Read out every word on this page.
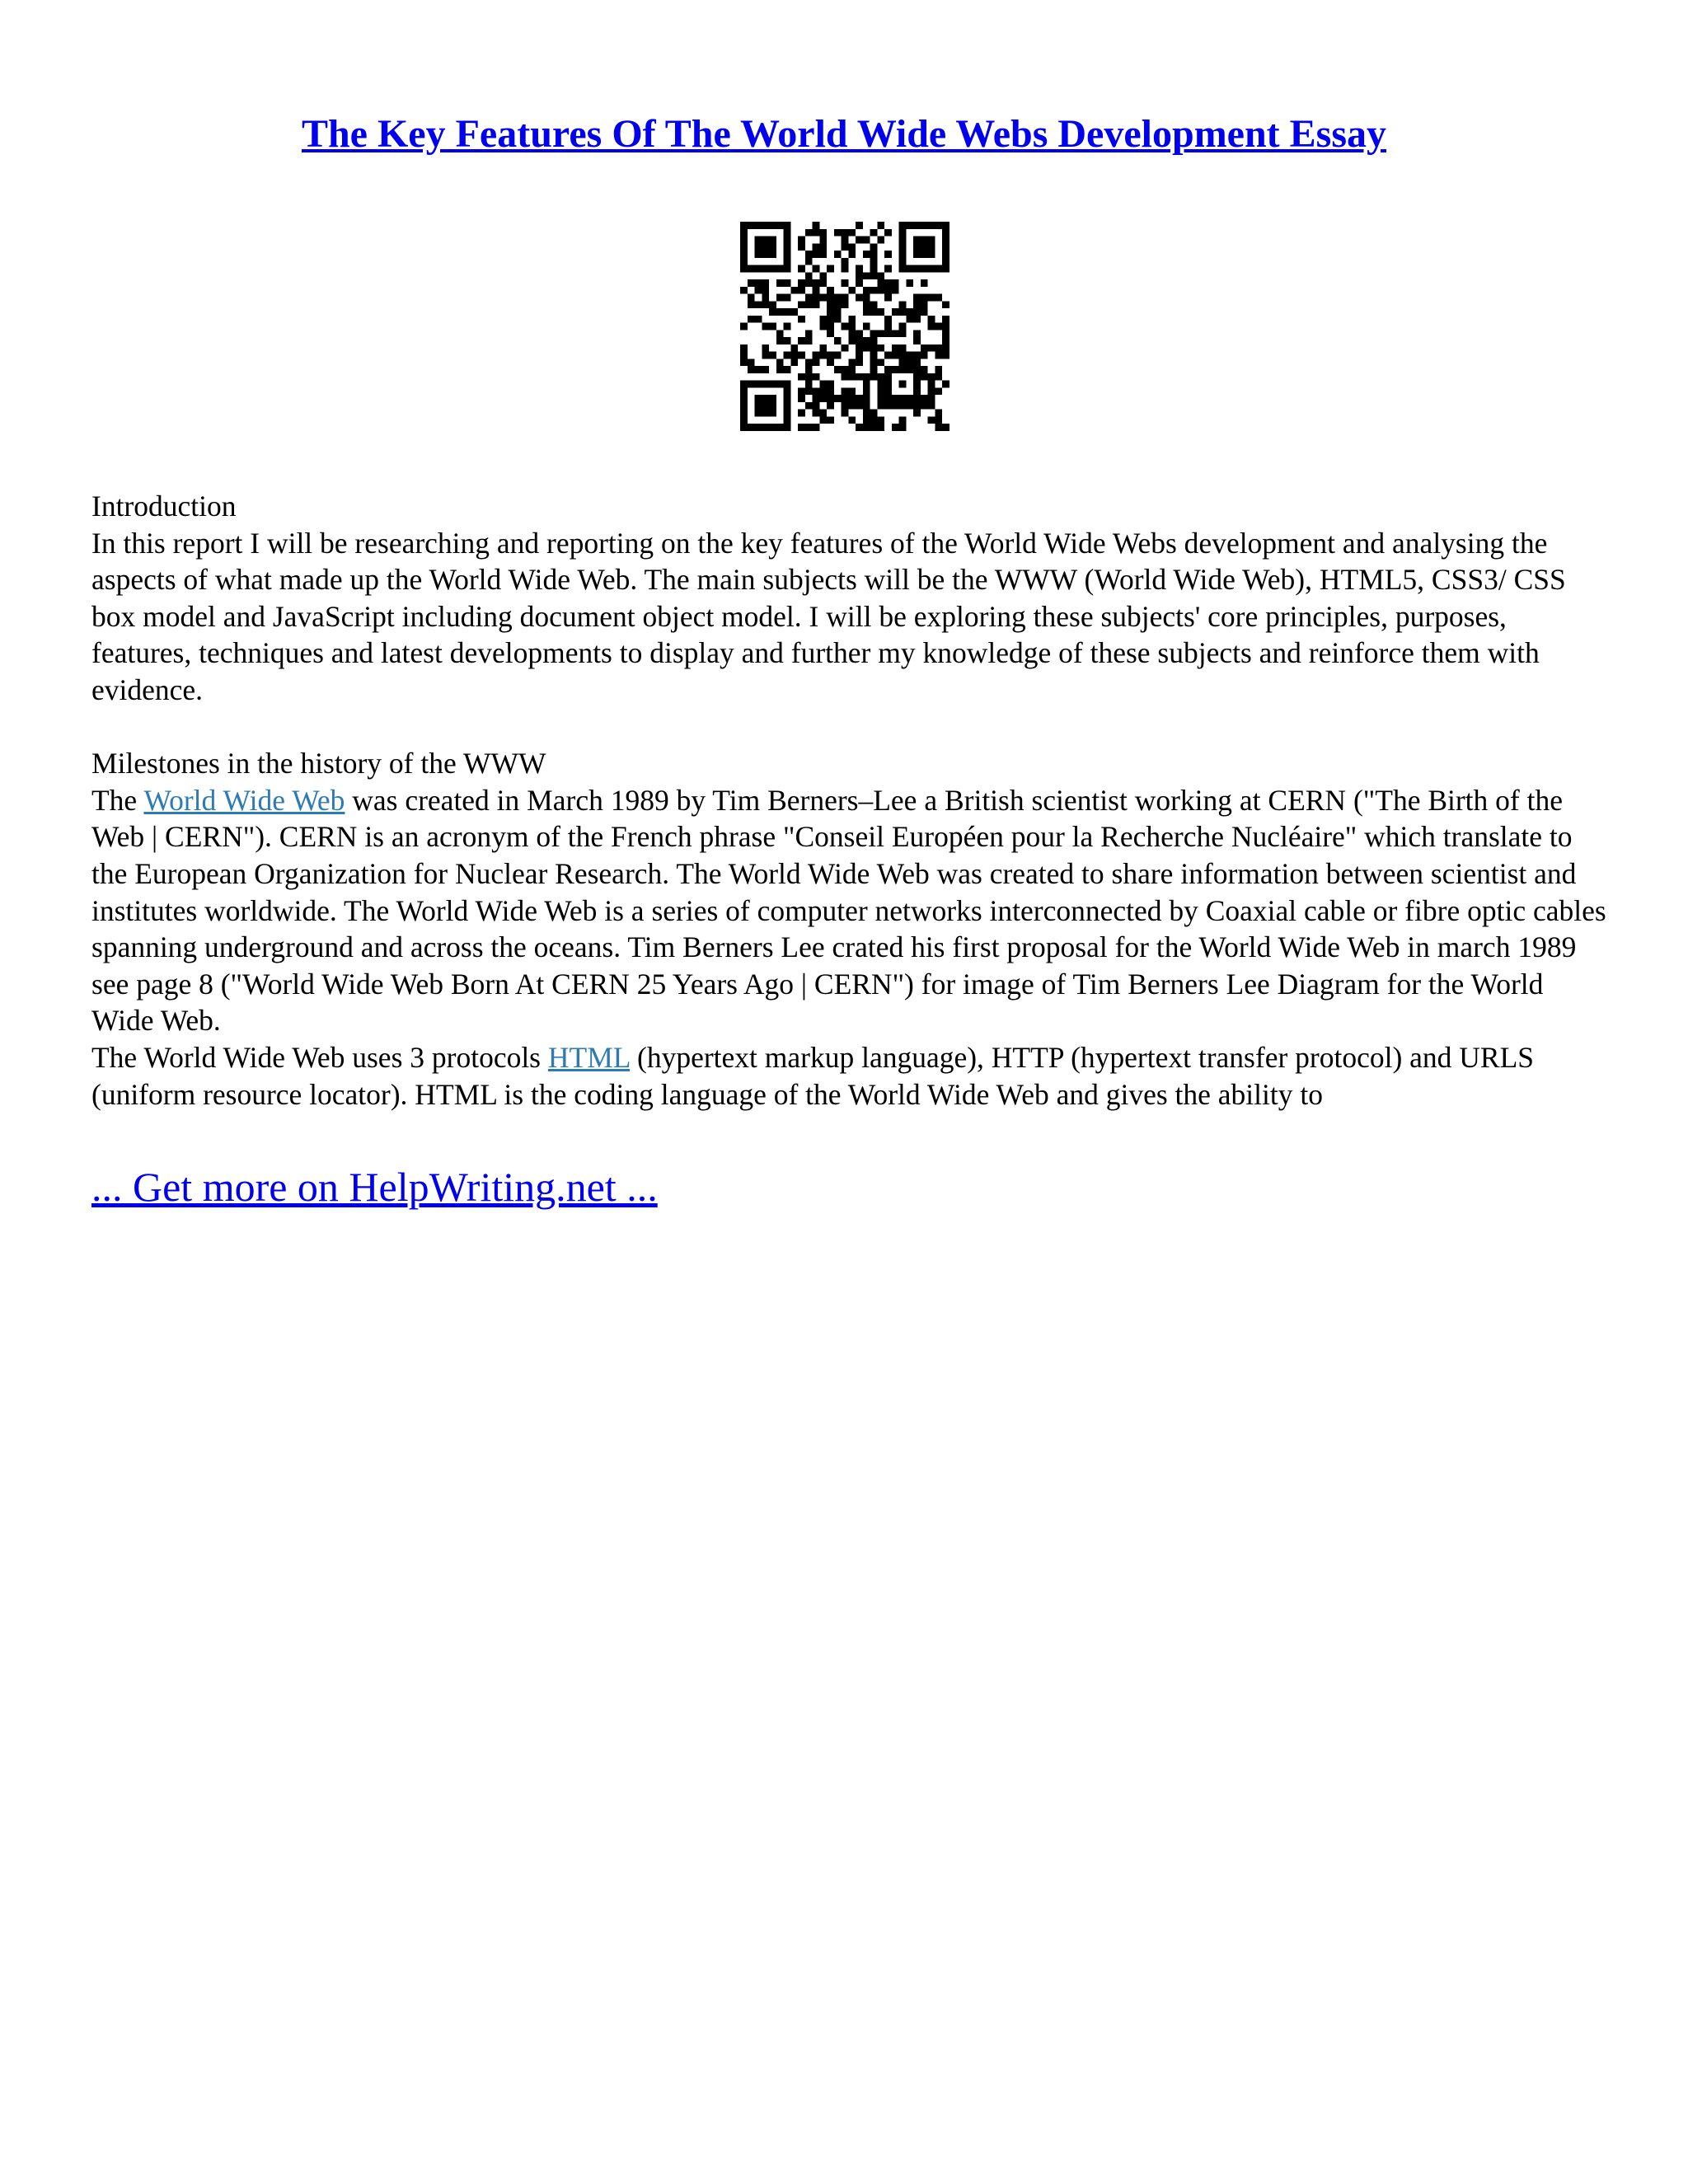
The Key Features Of The World Wide Webs Development Essay

Introduction

In this report I will be researching and reporting on the key features of the World Wide Webs development and analysing the aspects of what made up the World Wide Web. The main subjects will be the WWW (World Wide Web), HTML5, CSS3/ CSS box model and JavaScript including document object model. I will be exploring these subjects' core principles, purposes, features, techniques and latest developments to display and further my knowledge of these subjects and reinforce them with evidence.

Milestones in the history of the WWW

The World Wide Web was created in March 1989 by Tim Berners–Lee a British scientist working at CERN ("The Birth of the Web | CERN"). CERN is an acronym of the French phrase "Conseil Européen pour la Recherche Nucléaire" which translate to the European Organization for Nuclear Research. The World Wide Web was created to share information between scientist and institutes worldwide. The World Wide Web is a series of computer networks interconnected by Coaxial cable or fibre optic cables spanning underground and across the oceans. Tim Berners Lee crated his first proposal for the World Wide Web in march 1989 see page 8 ("World Wide Web Born At CERN 25 Years Ago | CERN") for image of Tim Berners Lee Diagram for the World Wide Web.

The World Wide Web uses 3 protocols HTML (hypertext markup language), HTTP (hypertext transfer protocol) and URLS (uniform resource locator). HTML is the coding language of the World Wide Web and gives the ability to

... Get more on HelpWriting.net ...
